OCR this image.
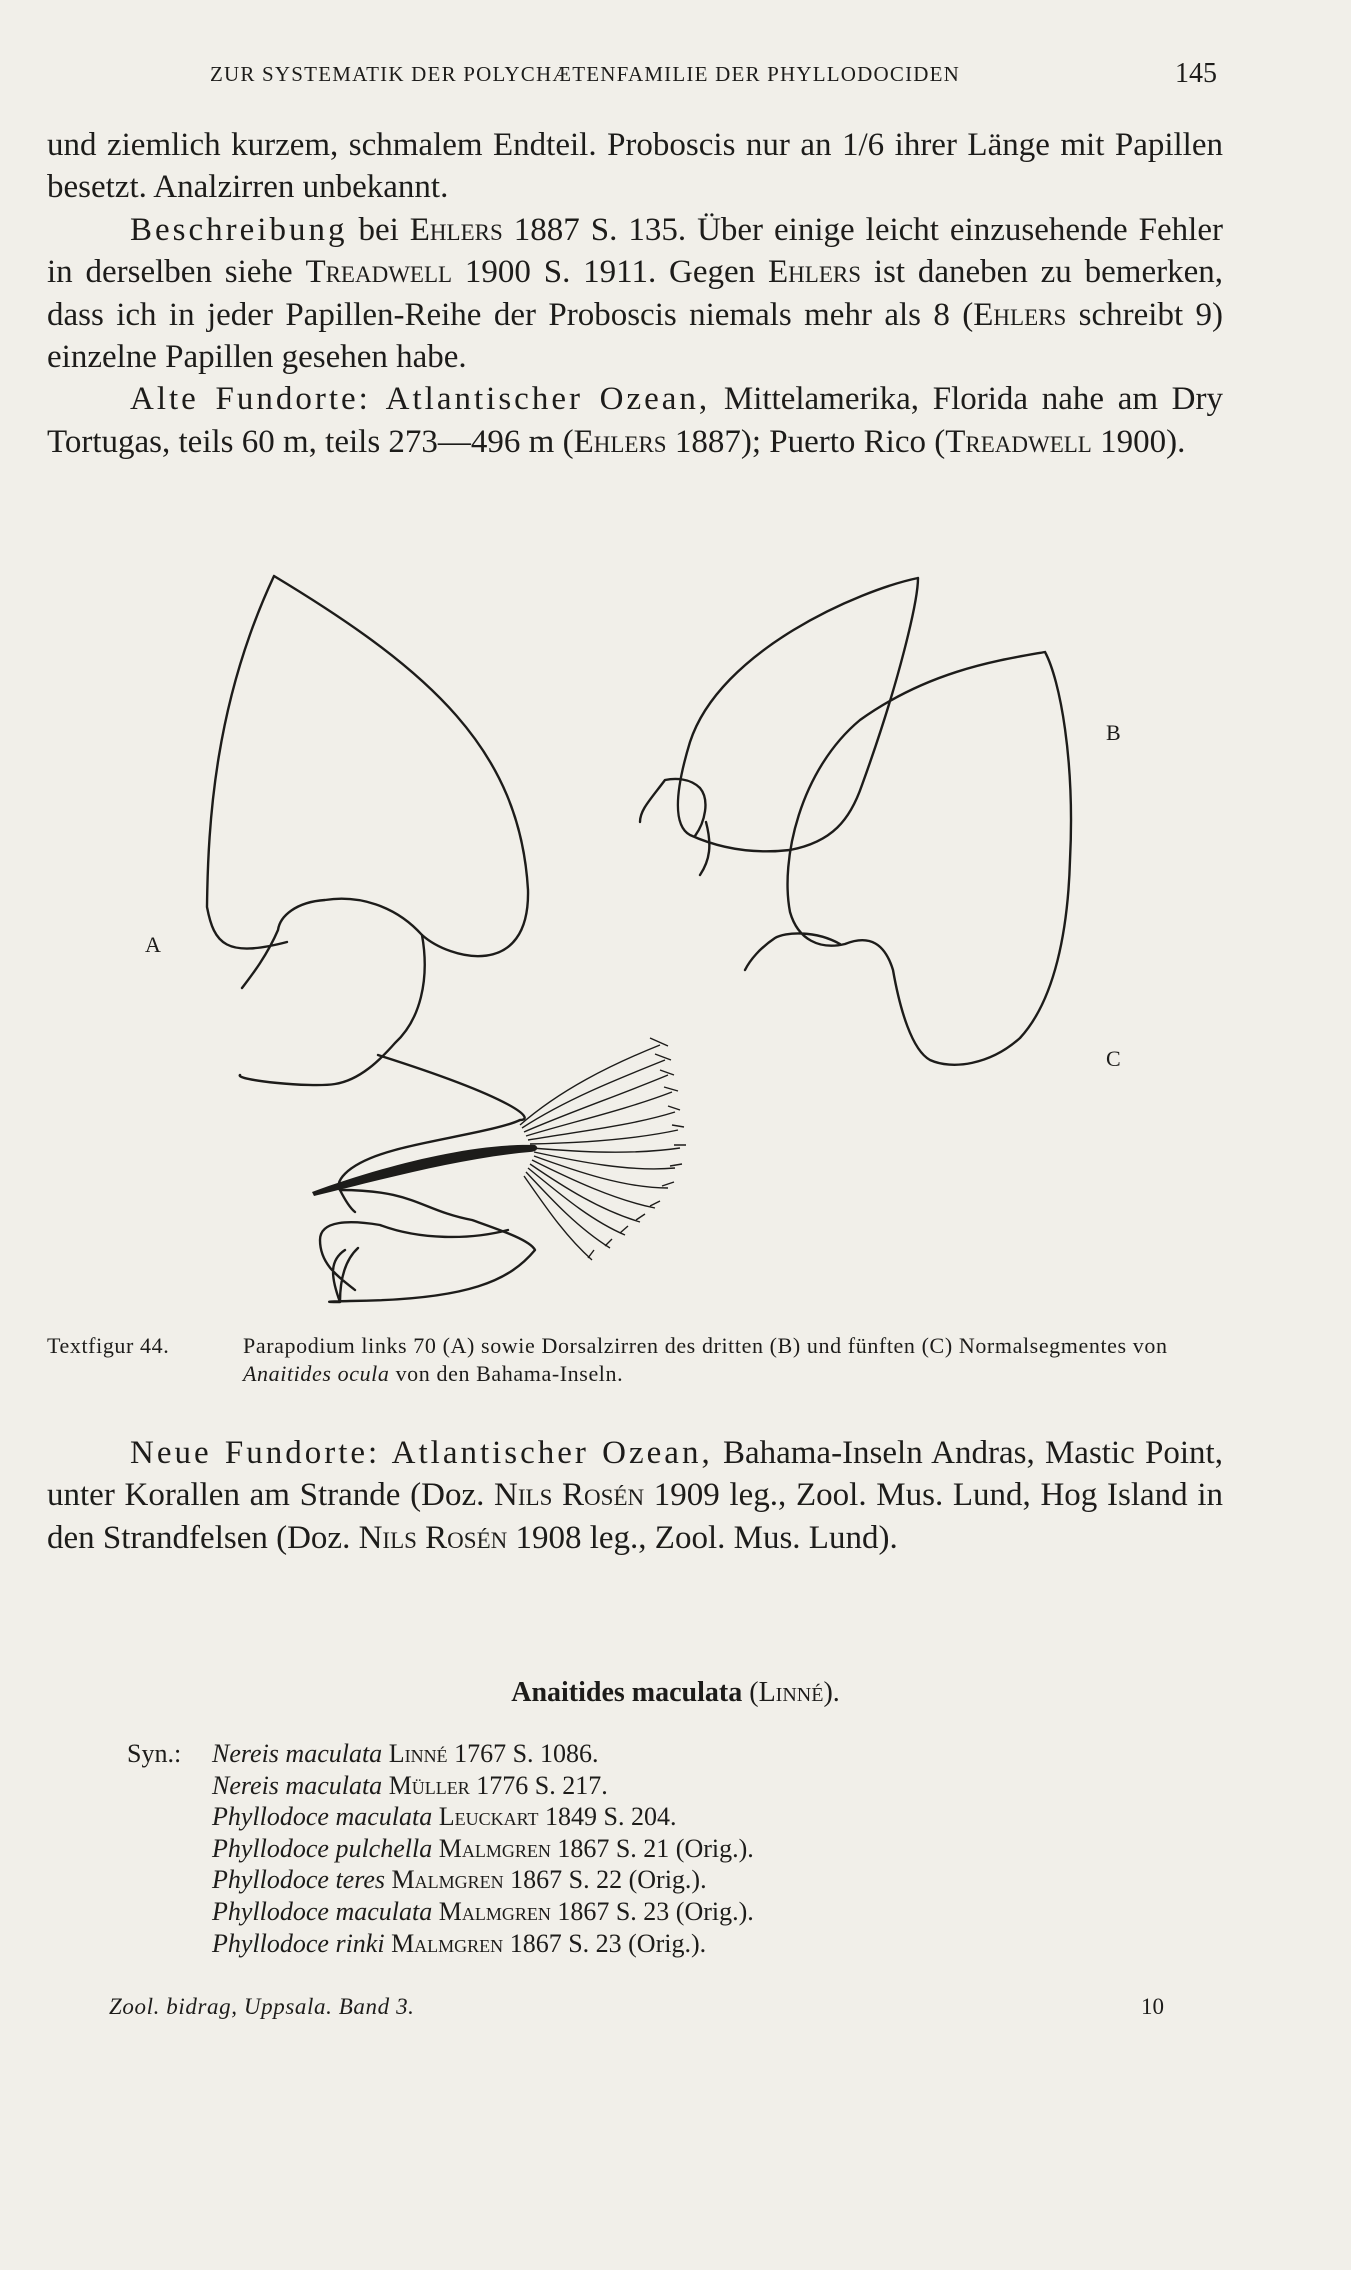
ZUR SYSTEMATIK DER POLYCHÆTENFAMILIE DER PHYLLODOCIDEN	145

und ziemlich kurzem, schmalem Endteil. Proboscis nur an 1/6 ihrer Länge mit Papillen besetzt. Analzirren unbekannt.

Beschreibung bei Ehlers 1887 S. 135. Über einige leicht einzusehende Fehler in derselben siehe Treadwell 1900 S. 1911. Gegen Ehlers ist daneben zu bemerken, dass ich in jeder Papillen-Reihe der Proboscis niemals mehr als 8 (Ehlers schreibt 9) einzelne Papillen gesehen habe.

Alte Fundorte: Atlantischer Ozean, Mittelamerika, Florida nahe am Dry Tortugas, teils 60 m, teils 273—496 m (Ehlers 1887); Puerto Rico (Treadwell 1900).

A
B
C
Textfigur 44.	Parapodium links 70 (A) sowie Dorsalzirren des dritten (B) und fünften (C) Normalsegmentes von Anaitides ocula von den Bahama-Inseln.

Neue Fundorte: Atlantischer Ozean, Bahama-Inseln Andras, Mastic Point, unter Korallen am Strande (Doz. Nils Rosén 1909 leg., Zool. Mus. Lund, Hog Island in den Strandfelsen (Doz. Nils Rosén 1908 leg., Zool. Mus. Lund).

Anaitides maculata (Linné).
Syn.: Nereis maculata Linné 1767 S. 1086.
Nereis maculata Müller 1776 S. 217.
Phyllodoce maculata Leuckart 1849 S. 204.
Phyllodoce pulchella Malmgren 1867 S. 21 (Orig.).
Phyllodoce teres Malmgren 1867 S. 22 (Orig.).
Phyllodoce maculata Malmgren 1867 S. 23 (Orig.).
Phyllodoce rinki Malmgren 1867 S. 23 (Orig.).
Zool. bidrag, Uppsala. Band 3.	10
